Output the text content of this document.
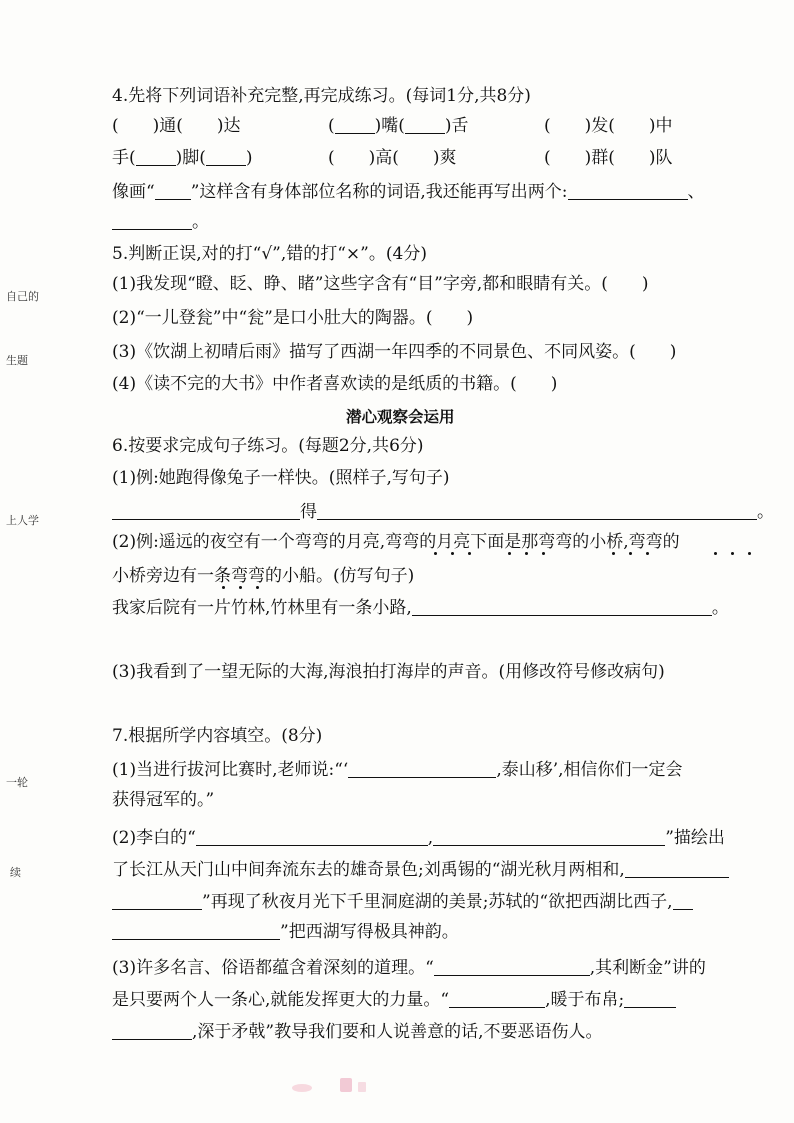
自己的
生题
上人学
一轮
续
4.先将下列词语补充完整,再完成练习。(每词1分,共8分)
(　　)通(　　)达	( )嘴( )舌	(　　)发(　　)中
手( )脚( )	(　　)高(　　)爽	(　　)群(　　)队
像画“ ”这样含有身体部位名称的词语,我还能再写出两个:	、
。
5.判断正误,对的打“√”,错的打“×”。(4分)
(1)我发现“瞪、眨、睁、睹”这些字含有“目”字旁,都和眼睛有关。(　　)
(2)“一儿登瓮”中“瓮”是口小肚大的陶器。(　　)
(3)《饮湖上初晴后雨》描写了西湖一年四季的不同景色、不同风姿。(　　)
(4)《读不完的大书》中作者喜欢读的是纸质的书籍。(　　)
潜心观察会运用
6.按要求完成句子练习。(每题2分,共6分)
(1)例:她跑得像兔子一样快。(照样子,写句子)
得	。
(2)例:遥远的夜空有一个弯弯的月亮,弯弯的月亮下面是那弯弯的小桥,弯弯的
小桥旁边有一条弯弯的小船。(仿写句子)
我家后院有一片竹林,竹林里有一条小路,	。
(3)我看到了一望无际的大海,海浪拍打海岸的声音。(用修改符号修改病句)
7.根据所学内容填空。(8分)
(1)当进行拔河比赛时,老师说:“‘	,泰山移’,相信你们一定会
获得冠军的。”
(2)李白的“	,	”描绘出
了长江从天门山中间奔流东去的雄奇景色;刘禹锡的“湖光秋月两相和,
”再现了秋夜月光下千里洞庭湖的美景;苏轼的“欲把西湖比西子,
”把西湖写得极具神韵。
(3)许多名言、俗语都蕴含着深刻的道理。“	,其利断金”讲的
是只要两个人一条心,就能发挥更大的力量。“	,暖于布帛;
,深于矛戟”教导我们要和人说善意的话,不要恶语伤人。
